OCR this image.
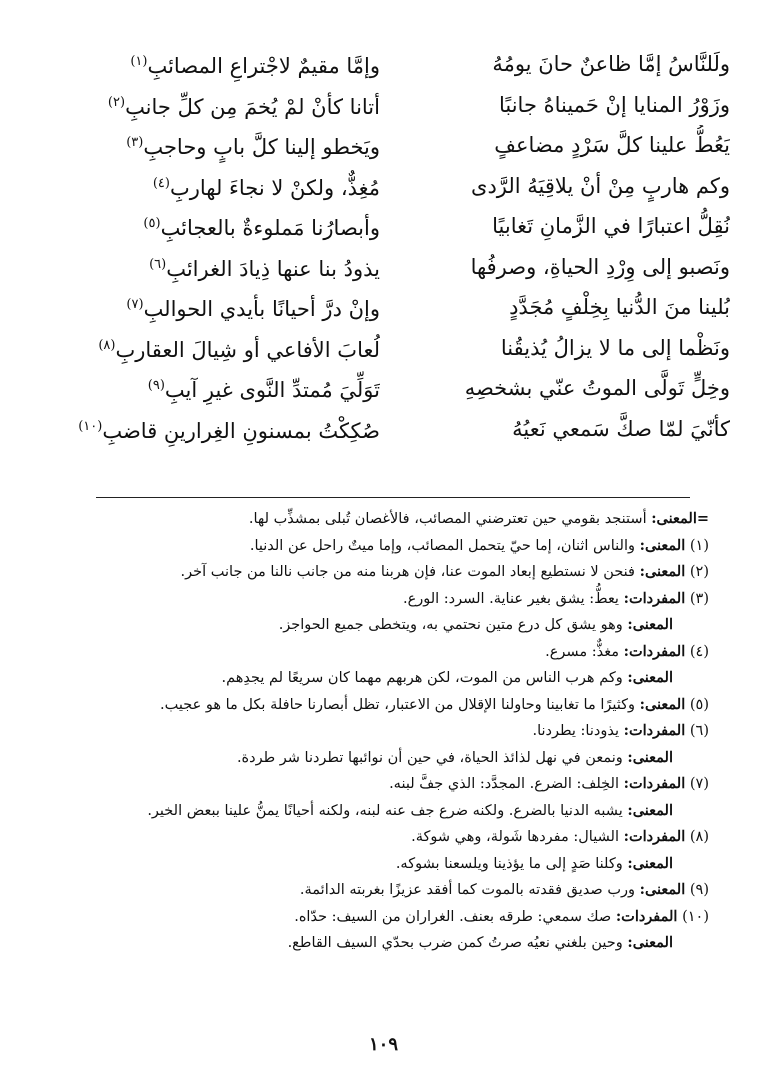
ولَلنَّاسُ إمَّا ظاعنٌ حانَ يومُهُ
وإمَّا مقيمٌ لاجْتراعِ المصائبِ$^{(١)}$
وزَوْرُ المنايا إنْ حَميناهُ جانبًا
أتانا كأنْ لمْ يُخمَ مِن كلِّ جانبِ$^{(٢)}$
يَعُطُّ علينا كلَّ سَرْدٍ مضاعفٍ
ويَخطو إلينا كلَّ بابٍ وحاجبِ$^{(٣)}$
وكم هاربٍ مِنْ أنْ يلاقِيَهُ الرَّدى
مُغِذٌّ، ولكنْ لا نجاءَ لهاربِ$^{(٤)}$
نُقِلُّ اعتبارًا في الزَّمانِ تَغابيًا
وأبصارُنا مَملوءةٌ بالعجائبِ$^{(٥)}$
ونَصبو إلى وِرْدِ الحياةِ، وصرفُها
يذودُ بنا عنها ذِيادَ الغرائبِ$^{(٦)}$
بُلينا منَ الدُّنيا بِخِلْفٍ مُجَدَّدٍ
وإنْ درَّ أحيانًا بأيدي الحوالبِ$^{(٧)}$
ونَظْما إلى ما لا يزالُ يُذيقُنا
لُعابَ الأفاعي أو شِيالَ العقاربِ$^{(٨)}$
وخِلٍّ تَولَّى الموتُ عنّي بشخصِهِ
تَوَلِّيَ مُمتدِّ النَّوى غيرِ آيبِ$^{(٩)}$
كأنّيَ لمّا صكَّ سَمعي نَعيُهُ
صُكِكْتُ بمسنونِ الغِرارينِ قاضبِ$^{(١٠)}$
=المعنى: أستنجد بقومي حين تعترضني المصائب، فالأغصان تُبلى بمشذِّب لها.
(١) المعنى: والناس اثنان، إما حيّ يتحمل المصائب، وإما ميتٌ راحل عن الدنيا.
(٢) المعنى: فنحن لا نستطيع إبعاد الموت عنا، فإن هربنا منه من جانب نالنا من جانب آخر.
(٣) المفردات: يعطُّ: يشق بغير عناية. السرد: الورع.
المعنى: وهو يشق كل درع متين نحتمي به، ويتخطى جميع الحواجز.
(٤) المفردات: مغذٌّ: مسرع.
المعنى: وكم هرب الناس من الموت، لكن هربهم مهما كان سريعًا لم يجدِهم.
(٥) المعنى: وكثيرًا ما تغابينا وحاولنا الإقلال من الاعتبار، تظل أبصارنا حافلة بكل ما هو عجيب.
(٦) المفردات: يذودنا: يطردنا.
المعنى: ونمعن في نهل لذائذ الحياة، في حين أن نوائبها تطردنا شر طردة.
(٧) المفردات: الخِلف: الضرع. المجدَّد: الذي جفَّ لبنه.
المعنى: يشبه الدنيا بالضرع. ولكنه ضرع جف عنه لبنه، ولكنه أحيانًا يمنُّ علينا ببعض الخير.
(٨) المفردات: الشيال: مفردها شَولة، وهي شوكة.
المعنى: وكلنا صَدٍ إلى ما يؤذينا ويلسعنا بشوكه.
(٩) المعنى: ورب صديق فقدته بالموت كما أفقد عزيزًا بغربته الدائمة.
(١٠) المفردات: صك سمعي: طرقه بعنف. الغراران من السيف: حدّاه.
المعنى: وحين بلغني نعيُه صرتُ كمن ضرب بحدّي السيف القاطع.
١٠٩
